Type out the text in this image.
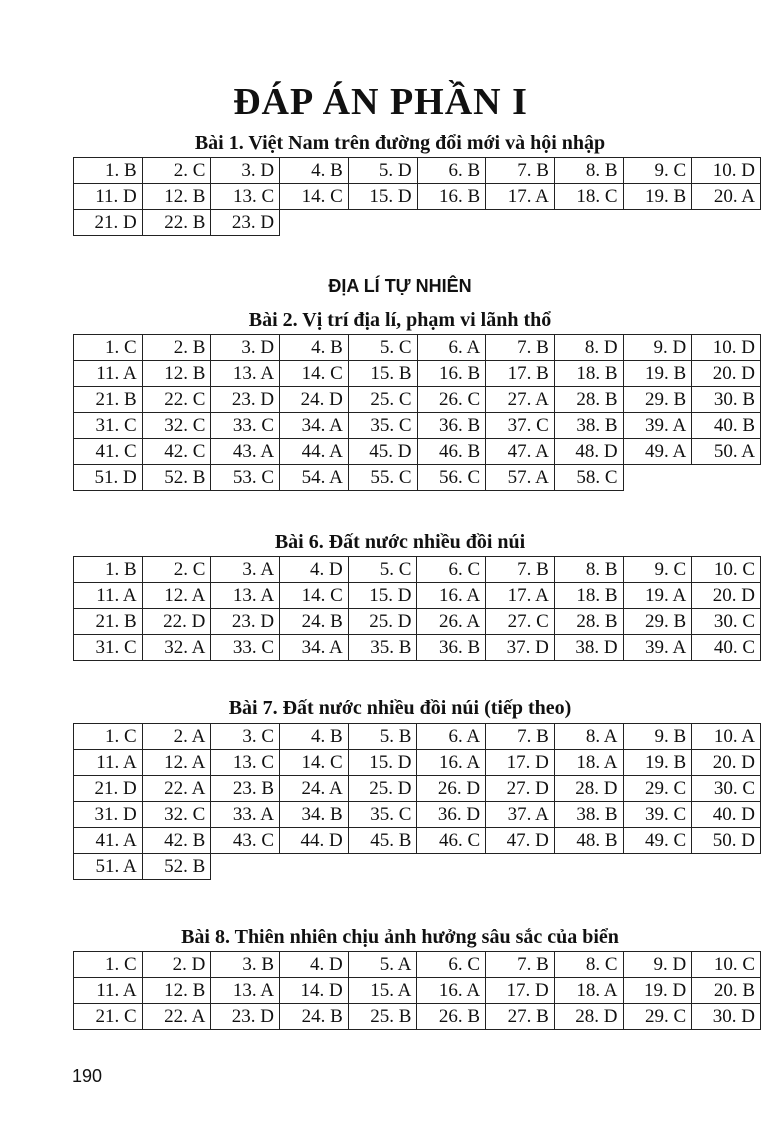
ĐÁP ÁN PHẦN I
Bài 1. Việt Nam trên đường đổi mới và hội nhập
1. B	2. C	3. D	4. B	5. D	6. B	7. B	8. B	9. C	10. D
11. D	12. B	13. C	14. C	15. D	16. B	17. A	18. C	19. B	20. A
21. D	22. B	23. D							
ĐỊA LÍ TỰ NHIÊN
Bài 2. Vị trí địa lí, phạm vi lãnh thổ
1. C	2. B	3. D	4. B	5. C	6. A	7. B	8. D	9. D	10. D
11. A	12. B	13. A	14. C	15. B	16. B	17. B	18. B	19. B	20. D
21. B	22. C	23. D	24. D	25. C	26. C	27. A	28. B	29. B	30. B
31. C	32. C	33. C	34. A	35. C	36. B	37. C	38. B	39. A	40. B
41. C	42. C	43. A	44. A	45. D	46. B	47. A	48. D	49. A	50. A
51. D	52. B	53. C	54. A	55. C	56. C	57. A	58. C		
Bài 6. Đất nước nhiều đồi núi
1. B	2. C	3. A	4. D	5. C	6. C	7. B	8. B	9. C	10. C
11. A	12. A	13. A	14. C	15. D	16. A	17. A	18. B	19. A	20. D
21. B	22. D	23. D	24. B	25. D	26. A	27. C	28. B	29. B	30. C
31. C	32. A	33. C	34. A	35. B	36. B	37. D	38. D	39. A	40. C
Bài 7. Đất nước nhiều đồi núi (tiếp theo)
1. C	2. A	3. C	4. B	5. B	6. A	7. B	8. A	9. B	10. A
11. A	12. A	13. C	14. C	15. D	16. A	17. D	18. A	19. B	20. D
21. D	22. A	23. B	24. A	25. D	26. D	27. D	28. D	29. C	30. C
31. D	32. C	33. A	34. B	35. C	36. D	37. A	38. B	39. C	40. D
41. A	42. B	43. C	44. D	45. B	46. C	47. D	48. B	49. C	50. D
51. A	52. B								
Bài 8. Thiên nhiên chịu ảnh hưởng sâu sắc của biển
1. C	2. D	3. B	4. D	5. A	6. C	7. B	8. C	9. D	10. C
11. A	12. B	13. A	14. D	15. A	16. A	17. D	18. A	19. D	20. B
21. C	22. A	23. D	24. B	25. B	26. B	27. B	28. D	29. C	30. D
190
